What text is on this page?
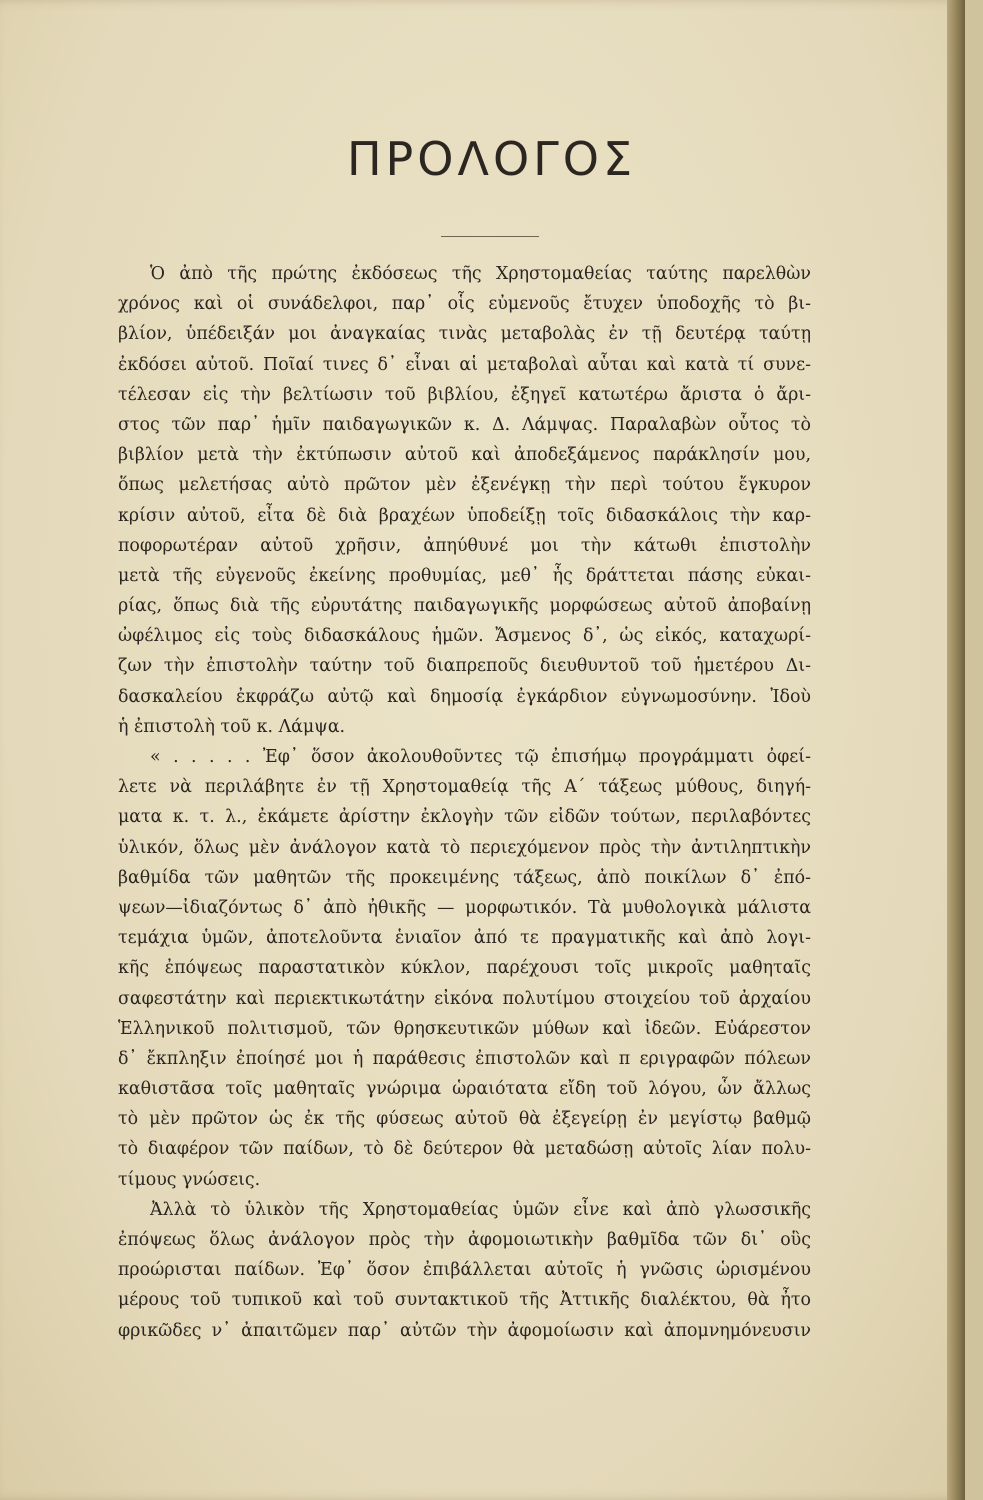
ΠΡΟΛΟΓΟΣ
Ὁ ἀπὸ τῆς πρώτης ἐκδόσεως τῆς Χρηστομαθείας ταύτης παρελθὼν
χρόνος καὶ οἱ συνάδελφοι, παρ᾿ οἷς εὐμενοῦς ἔτυχεν ὑποδοχῆς τὸ βι-
βλίον, ὑπέδειξάν μοι ἀναγκαίας τινὰς μεταβολὰς ἐν τῇ δευτέρᾳ ταύτῃ
ἐκδόσει αὐτοῦ. Ποῖαί τινες δ᾿ εἶναι αἱ μεταβολαὶ αὗται καὶ κατὰ τί συνε-
τέλεσαν εἰς τὴν βελτίωσιν τοῦ βιβλίου, ἐξηγεῖ κατωτέρω ἄριστα ὁ ἄρι-
στος τῶν παρ᾿ ἡμῖν παιδαγωγικῶν κ. Δ. Λάμψας. Παραλαβὼν οὗτος τὸ
βιβλίον μετὰ τὴν ἐκτύπωσιν αὐτοῦ καὶ ἀποδεξάμενος παράκλησίν μου,
ὅπως μελετήσας αὐτὸ πρῶτον μὲν ἐξενέγκῃ τὴν περὶ τούτου ἔγκυρον
κρίσιν αὐτοῦ, εἶτα δὲ διὰ βραχέων ὑποδείξῃ τοῖς διδασκάλοις τὴν καρ-
ποφορωτέραν αὐτοῦ χρῆσιν, ἀπηύθυνέ μοι τὴν κάτωθι ἐπιστολὴν
μετὰ τῆς εὐγενοῦς ἐκείνης προθυμίας, μεθ᾿ ἧς δράττεται πάσης εὐκαι-
ρίας, ὅπως διὰ τῆς εὐρυτάτης παιδαγωγικῆς μορφώσεως αὐτοῦ ἀποβαίνῃ
ὠφέλιμος εἰς τοὺς διδασκάλους ἡμῶν. Ἄσμενος δ᾿, ὡς εἰκός, καταχωρί-
ζων τὴν ἐπιστολὴν ταύτην τοῦ διαπρεποῦς διευθυντοῦ τοῦ ἡμετέρου Δι-
δασκαλείου ἐκφράζω αὐτῷ καὶ δημοσίᾳ ἐγκάρδιον εὐγνωμοσύνην. Ἰδοὺ
ἡ ἐπιστολὴ τοῦ κ. Λάμψα.
« . . . . . Ἐφ᾿ ὅσον ἀκολουθοῦντες τῷ ἐπισήμῳ προγράμματι ὀφεί-
λετε νὰ περιλάβητε ἐν τῇ Χρηστομαθείᾳ τῆς Α΄ τάξεως μύθους, διηγή-
ματα κ. τ. λ., ἐκάμετε ἀρίστην ἐκλογὴν τῶν εἰδῶν τούτων, περιλαβόντες
ὑλικόν, ὅλως μὲν ἀνάλογον κατὰ τὸ περιεχόμενον πρὸς τὴν ἀντιληπτικὴν
βαθμίδα τῶν μαθητῶν τῆς προκειμένης τάξεως, ἀπὸ ποικίλων δ᾿ ἐπό-
ψεων—ἰδιαζόντως δ᾿ ἀπὸ ἠθικῆς — μορφωτικόν. Τὰ μυθολογικὰ μάλιστα
τεμάχια ὑμῶν, ἀποτελοῦντα ἑνιαῖον ἀπό τε πραγματικῆς καὶ ἀπὸ λογι-
κῆς ἐπόψεως παραστατικὸν κύκλον, παρέχουσι τοῖς μικροῖς μαθηταῖς
σαφεστάτην καὶ περιεκτικωτάτην εἰκόνα πολυτίμου στοιχείου τοῦ ἀρχαίου
Ἑλληνικοῦ πολιτισμοῦ, τῶν θρησκευτικῶν μύθων καὶ ἰδεῶν. Εὐάρεστον
δ᾿ ἔκπληξιν ἐποίησέ μοι ἡ παράθεσις ἐπιστολῶν καὶ π εριγραφῶν πόλεων
καθιστᾶσα τοῖς μαθηταῖς γνώριμα ὡραιότατα εἴδη τοῦ λόγου, ὧν ἄλλως
τὸ μὲν πρῶτον ὡς ἐκ τῆς φύσεως αὐτοῦ θὰ ἐξεγείρῃ ἐν μεγίστῳ βαθμῷ
τὸ διαφέρον τῶν παίδων, τὸ δὲ δεύτερον θὰ μεταδώσῃ αὐτοῖς λίαν πολυ-
τίμους γνώσεις.
Ἀλλὰ τὸ ὑλικὸν τῆς Χρηστομαθείας ὑμῶν εἶνε καὶ ἀπὸ γλωσσικῆς
ἐπόψεως ὅλως ἀνάλογον πρὸς τὴν ἀφομοιωτικὴν βαθμῖδα τῶν δι᾿ οὓς
προώρισται παίδων. Ἐφ᾿ ὅσον ἐπιβάλλεται αὐτοῖς ἡ γνῶσις ὡρισμένου
μέρους τοῦ τυπικοῦ καὶ τοῦ συντακτικοῦ τῆς Ἀττικῆς διαλέκτου, θὰ ἦτο
φρικῶδες ν᾿ ἀπαιτῶμεν παρ᾿ αὐτῶν τὴν ἀφομοίωσιν καὶ ἀπομνημόνευσιν
